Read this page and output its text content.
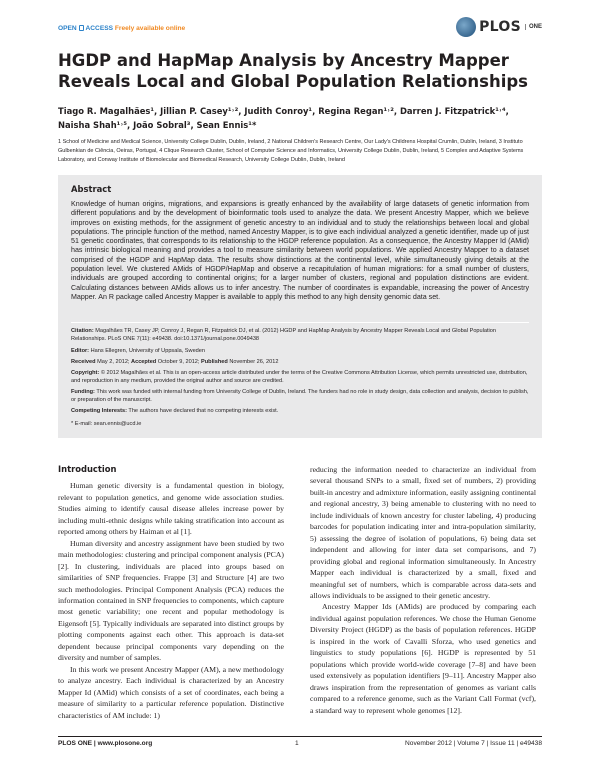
OPEN ACCESS Freely available online	PLOS	ONE
HGDP and HapMap Analysis by Ancestry Mapper Reveals Local and Global Population Relationships
Tiago R. Magalhães¹, Jillian P. Casey¹˒², Judith Conroy¹, Regina Regan¹˒², Darren J. Fitzpatrick¹˒⁴, Naisha Shah¹˒⁵, João Sobral³, Sean Ennis¹*
1 School of Medicine and Medical Science, University College Dublin, Dublin, Ireland, 2 National Children's Research Centre, Our Lady's Childrens Hospital Crumlin, Dublin, Ireland, 3 Instituto Gulbenkian de Ciência, Oeiras, Portugal, 4 Clique Research Cluster, School of Computer Science and Informatics, University College Dublin, Dublin, Ireland, 5 Complex and Adaptive Systems Laboratory, and Conway Institute of Biomolecular and Biomedical Research, University College Dublin, Dublin, Ireland
Abstract

Knowledge of human origins, migrations, and expansions is greatly enhanced by the availability of large datasets of genetic information from different populations and by the development of bioinformatic tools used to analyze the data. We present Ancestry Mapper, which we believe improves on existing methods, for the assignment of genetic ancestry to an individual and to study the relationships between local and global populations. The principle function of the method, named Ancestry Mapper, is to give each individual analyzed a genetic identifier, made up of just 51 genetic coordinates, that corresponds to its relationship to the HGDP reference population. As a consequence, the Ancestry Mapper Id (AMid) has intrinsic biological meaning and provides a tool to measure similarity between world populations. We applied Ancestry Mapper to a dataset comprised of the HGDP and HapMap data. The results show distinctions at the continental level, while simultaneously giving details at the population level. We clustered AMids of HGDP/HapMap and observe a recapitulation of human migrations: for a small number of clusters, individuals are grouped according to continental origins; for a larger number of clusters, regional and population distinctions are evident. Calculating distances between AMids allows us to infer ancestry. The number of coordinates is expandable, increasing the power of Ancestry Mapper. An R package called Ancestry Mapper is available to apply this method to any high density genomic data set.

Citation: Magalhães TR, Casey JP, Conroy J, Regan R, Fitzpatrick DJ, et al. (2012) HGDP and HapMap Analysis by Ancestry Mapper Reveals Local and Global Population Relationships. PLoS ONE 7(11): e49438. doi:10.1371/journal.pone.0049438

Editor: Hans Ellegren, University of Uppsala, Sweden

Received May 2, 2012; Accepted October 9, 2012; Published November 26, 2012

Copyright: © 2012 Magalhães et al. This is an open-access article distributed under the terms of the Creative Commons Attribution License, which permits unrestricted use, distribution, and reproduction in any medium, provided the original author and source are credited.

Funding: This work was funded with internal funding from University College of Dublin, Ireland. The funders had no role in study design, data collection and analysis, decision to publish, or preparation of the manuscript.

Competing Interests: The authors have declared that no competing interests exist.

* E-mail: sean.ennis@ucd.ie

Introduction

Human genetic diversity is a fundamental question in biology, relevant to population genetics, and genome wide association studies. Studies aiming to identify causal disease alleles increase power by including multi-ethnic designs while taking stratification into account as reported among others by Haiman et al [1].

Human diversity and ancestry assignment have been studied by two main methodologies: clustering and principal component analysis (PCA) [2]. In clustering, individuals are placed into groups based on similarities of SNP frequencies. Frappe [3] and Structure [4] are two such methodologies. Principal Component Analysis (PCA) reduces the information contained in SNP frequencies to components, which capture most genetic variability; one recent and popular methodology is Eigensoft [5]. Typically individuals are separated into distinct groups by plotting components against each other. This approach is data-set dependent because principal components vary depending on the diversity and number of samples.

In this work we present Ancestry Mapper (AM), a new methodology to analyze ancestry. Each individual is characterized by an Ancestry Mapper Id (AMid) which consists of a set of coordinates, each being a measure of similarity to a particular reference population. Distinctive characteristics of AM include: 1)

reducing the information needed to characterize an individual from several thousand SNPs to a small, fixed set of numbers, 2) providing built-in ancestry and admixture information, easily assigning continental and regional ancestry, 3) being amenable to clustering with no need to include individuals of known ancestry for cluster labeling, 4) producing barcodes for population indicating inter and intra-population similarity, 5) assessing the degree of isolation of populations, 6) being data set independent and allowing for inter data set comparisons, and 7) providing global and regional information simultaneously. In Ancestry Mapper each individual is characterized by a small, fixed and meaningful set of numbers, which is comparable across data-sets and allows individuals to be assigned to their genetic ancestry.

Ancestry Mapper Ids (AMids) are produced by comparing each individual against population references. We chose the Human Genome Diversity Project (HGDP) as the basis of population references. HGDP is inspired in the work of Cavalli Sforza, who used genetics and linguistics to study populations [6]. HGDP is represented by 51 populations which provide world-wide coverage [7–8] and have been used extensively as population identifiers [9–11]. Ancestry Mapper also draws inspiration from the representation of genomes as variant calls compared to a reference genome, such as the Variant Call Format (vcf), a standard way to represent whole genomes [12].

PLOS ONE | www.plosone.org	1	November 2012 | Volume 7 | Issue 11 | e49438
